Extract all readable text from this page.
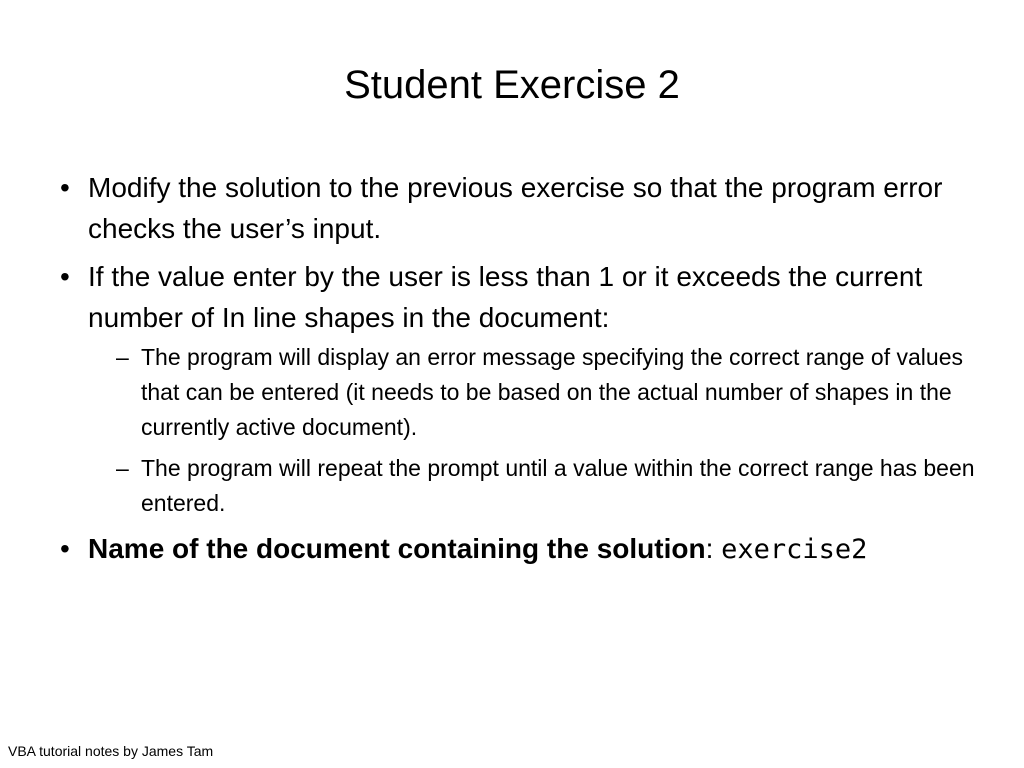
Student Exercise 2
• Modify the solution to the previous exercise so that the program error checks the user’s input.
• If the value enter by the user is less than 1 or it exceeds the current number of In line shapes in the document:
– The program will display an error message specifying the correct range of values that can be entered (it needs to be based on the actual number of shapes in the currently active document).
– The program will repeat the prompt until a value within the correct range has been entered.
• Name of the document containing the solution: exercise2
VBA tutorial notes by James Tam
